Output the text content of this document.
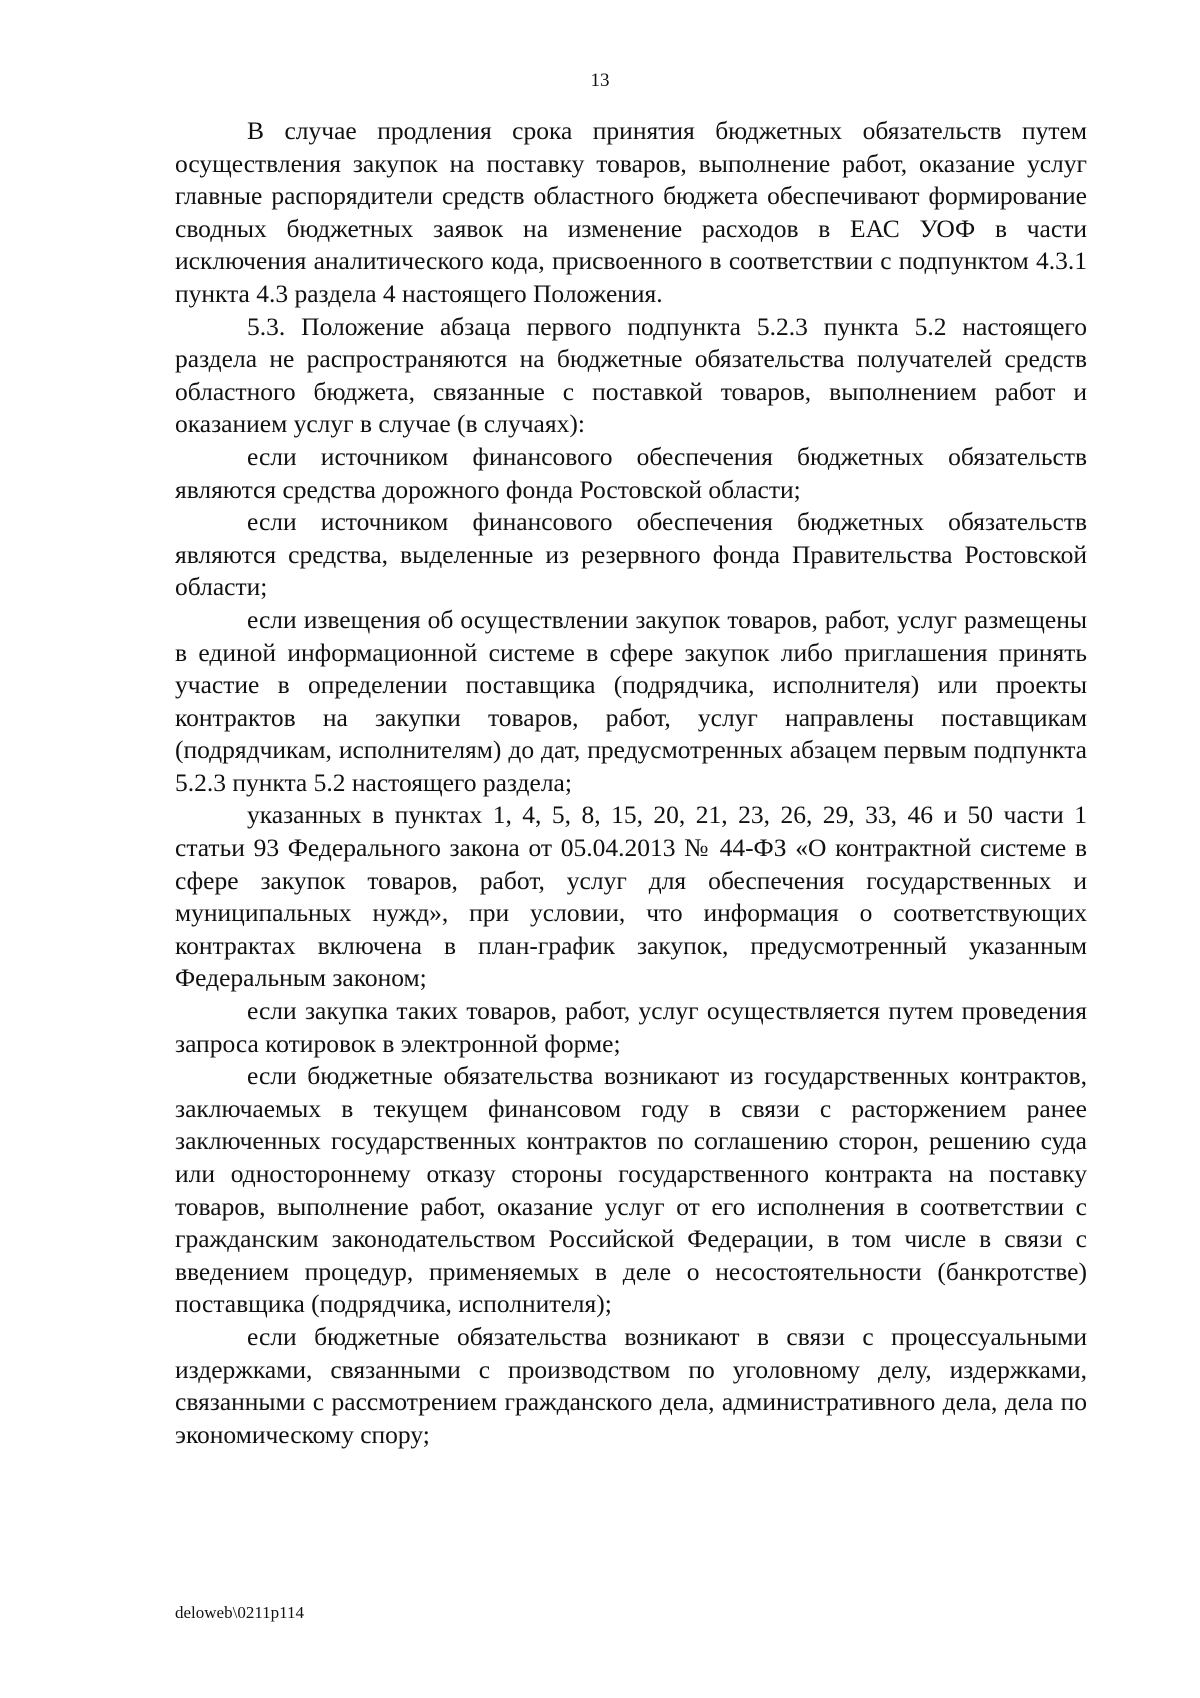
13

В случае продления срока принятия бюджетных обязательств путем осуществления закупок на поставку товаров, выполнение работ, оказание услуг главные распорядители средств областного бюджета обеспечивают формирование сводных бюджетных заявок на изменение расходов в ЕАС УОФ в части исключения аналитического кода, присвоенного в соответствии с подпунктом 4.3.1 пункта 4.3 раздела 4 настоящего Положения.

5.3. Положение абзаца первого подпункта 5.2.3 пункта 5.2 настоящего раздела не распространяются на бюджетные обязательства получателей средств областного бюджета, связанные с поставкой товаров, выполнением работ и оказанием услуг в случае (в случаях):

если источником финансового обеспечения бюджетных обязательств являются средства дорожного фонда Ростовской области;

если источником финансового обеспечения бюджетных обязательств являются средства, выделенные из резервного фонда Правительства Ростовской области;

если извещения об осуществлении закупок товаров, работ, услуг размещены в единой информационной системе в сфере закупок либо приглашения принять участие в определении поставщика (подрядчика, исполнителя) или проекты контрактов на закупки товаров, работ, услуг направлены поставщикам (подрядчикам, исполнителям) до дат, предусмотренных абзацем первым подпункта 5.2.3 пункта 5.2 настоящего раздела;

указанных в пунктах 1, 4, 5, 8, 15, 20, 21, 23, 26, 29, 33, 46 и 50 части 1 статьи 93 Федерального закона от 05.04.2013 № 44-ФЗ «О контрактной системе в сфере закупок товаров, работ, услуг для обеспечения государственных и муниципальных нужд», при условии, что информация о соответствующих контрактах включена в план-график закупок, предусмотренный указанным Федеральным законом;

если закупка таких товаров, работ, услуг осуществляется путем проведения запроса котировок в электронной форме;

если бюджетные обязательства возникают из государственных контрактов, заключаемых в текущем финансовом году в связи с расторжением ранее заключенных государственных контрактов по соглашению сторон, решению суда или одностороннему отказу стороны государственного контракта на поставку товаров, выполнение работ, оказание услуг от его исполнения в соответствии с гражданским законодательством Российской Федерации, в том числе в связи с введением процедур, применяемых в деле о несостоятельности (банкротстве) поставщика (подрядчика, исполнителя);

если бюджетные обязательства возникают в связи с процессуальными издержками, связанными с производством по уголовному делу, издержками, связанными с рассмотрением гражданского дела, административного дела, дела по экономическому спору;

deloweb\0211p114
